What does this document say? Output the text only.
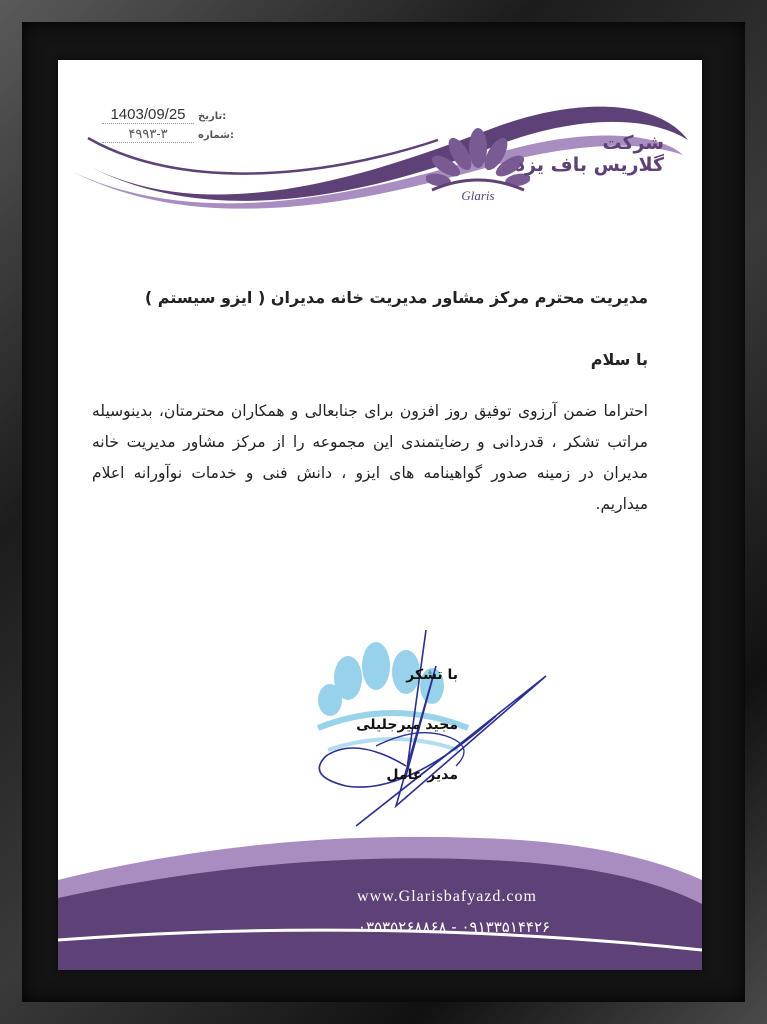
1403/09/25	تاریخ:
۴۹۹۳-۳	شماره:
Glaris
شرکت
گلاریس باف یزد
مدیریت محترم مرکز مشاور مدیریت خانه مدیران ( ایزو سیستم )
با سلام
احتراما ضمن آرزوی توفیق روز افزون برای جنابعالی و همکاران محترمتان، بدینوسیله مراتب تشکر ، قدردانی و رضایتمندی این مجموعه را از مرکز مشاور مدیریت خانه مدیران در زمینه صدور گواهینامه های ایزو ، دانش فنی و خدمات نوآورانه اعلام میداریم.
با تشکر
مجید میرجلیلی
مدیر عامل
www.Glarisbafyazd.com
۰۹۱۳۳۵۱۴۴۲۶ - ۰۳۵۳۵۲۶۸۸۶۸
